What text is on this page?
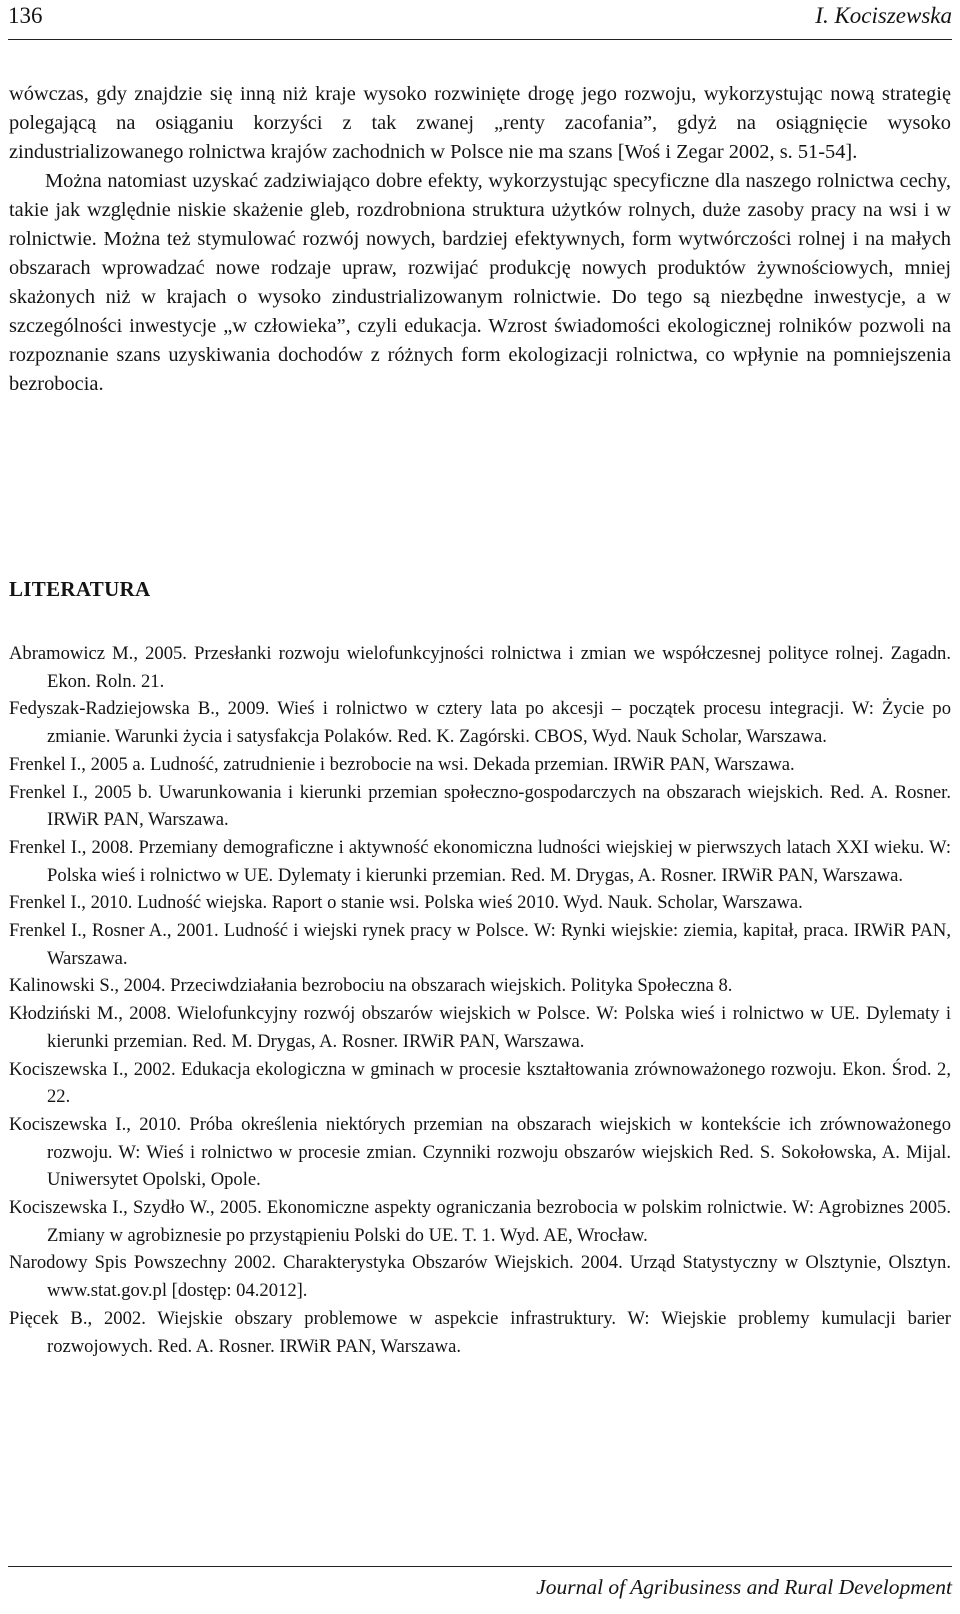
136	I. Kociszewska

wówczas, gdy znajdzie się inną niż kraje wysoko rozwinięte drogę jego rozwoju, wykorzystując nową strategię polegającą na osiąganiu korzyści z tak zwanej „renty zacofania”, gdyż na osiągnięcie wysoko zindustrializowanego rolnictwa krajów zachodnich w Polsce nie ma szans [Woś i Zegar 2002, s. 51-54].

Można natomiast uzyskać zadziwiająco dobre efekty, wykorzystując specyficzne dla naszego rolnictwa cechy, takie jak względnie niskie skażenie gleb, rozdrobniona struktura użytków rolnych, duże zasoby pracy na wsi i w rolnictwie. Można też stymulować rozwój nowych, bardziej efektywnych, form wytwórczości rolnej i na małych obszarach wprowadzać nowe rodzaje upraw, rozwijać produkcję nowych produktów żywnościowych, mniej skażonych niż w krajach o wysoko zindustrializowanym rolnictwie. Do tego są niezbędne inwestycje, a w szczególności inwestycje „w człowieka”, czyli edukacja. Wzrost świadomości ekologicznej rolników pozwoli na rozpoznanie szans uzyskiwania dochodów z różnych form ekologizacji rolnictwa, co wpłynie na pomniejszenia bezrobocia.

LITERATURA

Abramowicz M., 2005. Przesłanki rozwoju wielofunkcyjności rolnictwa i zmian we współczesnej polityce rolnej. Zagadn. Ekon. Roln. 21.

Fedyszak-Radziejowska B., 2009. Wieś i rolnictwo w cztery lata po akcesji – początek procesu integracji. W: Życie po zmianie. Warunki życia i satysfakcja Polaków. Red. K. Zagórski. CBOS, Wyd. Nauk Scholar, Warszawa.

Frenkel I., 2005 a. Ludność, zatrudnienie i bezrobocie na wsi. Dekada przemian. IRWiR PAN, Warszawa.

Frenkel I., 2005 b. Uwarunkowania i kierunki przemian społeczno-gospodarczych na obszarach wiejskich. Red. A. Rosner. IRWiR PAN, Warszawa.

Frenkel I., 2008. Przemiany demograficzne i aktywność ekonomiczna ludności wiejskiej w pierwszych latach XXI wieku. W: Polska wieś i rolnictwo w UE. Dylematy i kierunki przemian. Red. M. Drygas, A. Rosner. IRWiR PAN, Warszawa.

Frenkel I., 2010. Ludność wiejska. Raport o stanie wsi. Polska wieś 2010. Wyd. Nauk. Scholar, Warszawa.

Frenkel I., Rosner A., 2001. Ludność i wiejski rynek pracy w Polsce. W: Rynki wiejskie: ziemia, kapitał, praca. IRWiR PAN, Warszawa.

Kalinowski S., 2004. Przeciwdziałania bezrobociu na obszarach wiejskich. Polityka Społeczna 8.

Kłodziński M., 2008. Wielofunkcyjny rozwój obszarów wiejskich w Polsce. W: Polska wieś i rolnictwo w UE. Dylematy i kierunki przemian. Red. M. Drygas, A. Rosner. IRWiR PAN, Warszawa.

Kociszewska I., 2002. Edukacja ekologiczna w gminach w procesie kształtowania zrównoważonego rozwoju. Ekon. Środ. 2, 22.

Kociszewska I., 2010. Próba określenia niektórych przemian na obszarach wiejskich w kontekście ich zrównoważonego rozwoju. W: Wieś i rolnictwo w procesie zmian. Czynniki rozwoju obszarów wiejskich Red. S. Sokołowska, A. Mijal. Uniwersytet Opolski, Opole.

Kociszewska I., Szydło W., 2005. Ekonomiczne aspekty ograniczania bezrobocia w polskim rolnictwie. W: Agrobiznes 2005. Zmiany w agrobiznesie po przystąpieniu Polski do UE. T. 1. Wyd. AE, Wrocław.

Narodowy Spis Powszechny 2002. Charakterystyka Obszarów Wiejskich. 2004. Urząd Statystyczny w Olsztynie, Olsztyn. www.stat.gov.pl [dostęp: 04.2012].

Pięcek B., 2002. Wiejskie obszary problemowe w aspekcie infrastruktury. W: Wiejskie problemy kumulacji barier rozwojowych. Red. A. Rosner. IRWiR PAN, Warszawa.

Journal of Agribusiness and Rural Development
